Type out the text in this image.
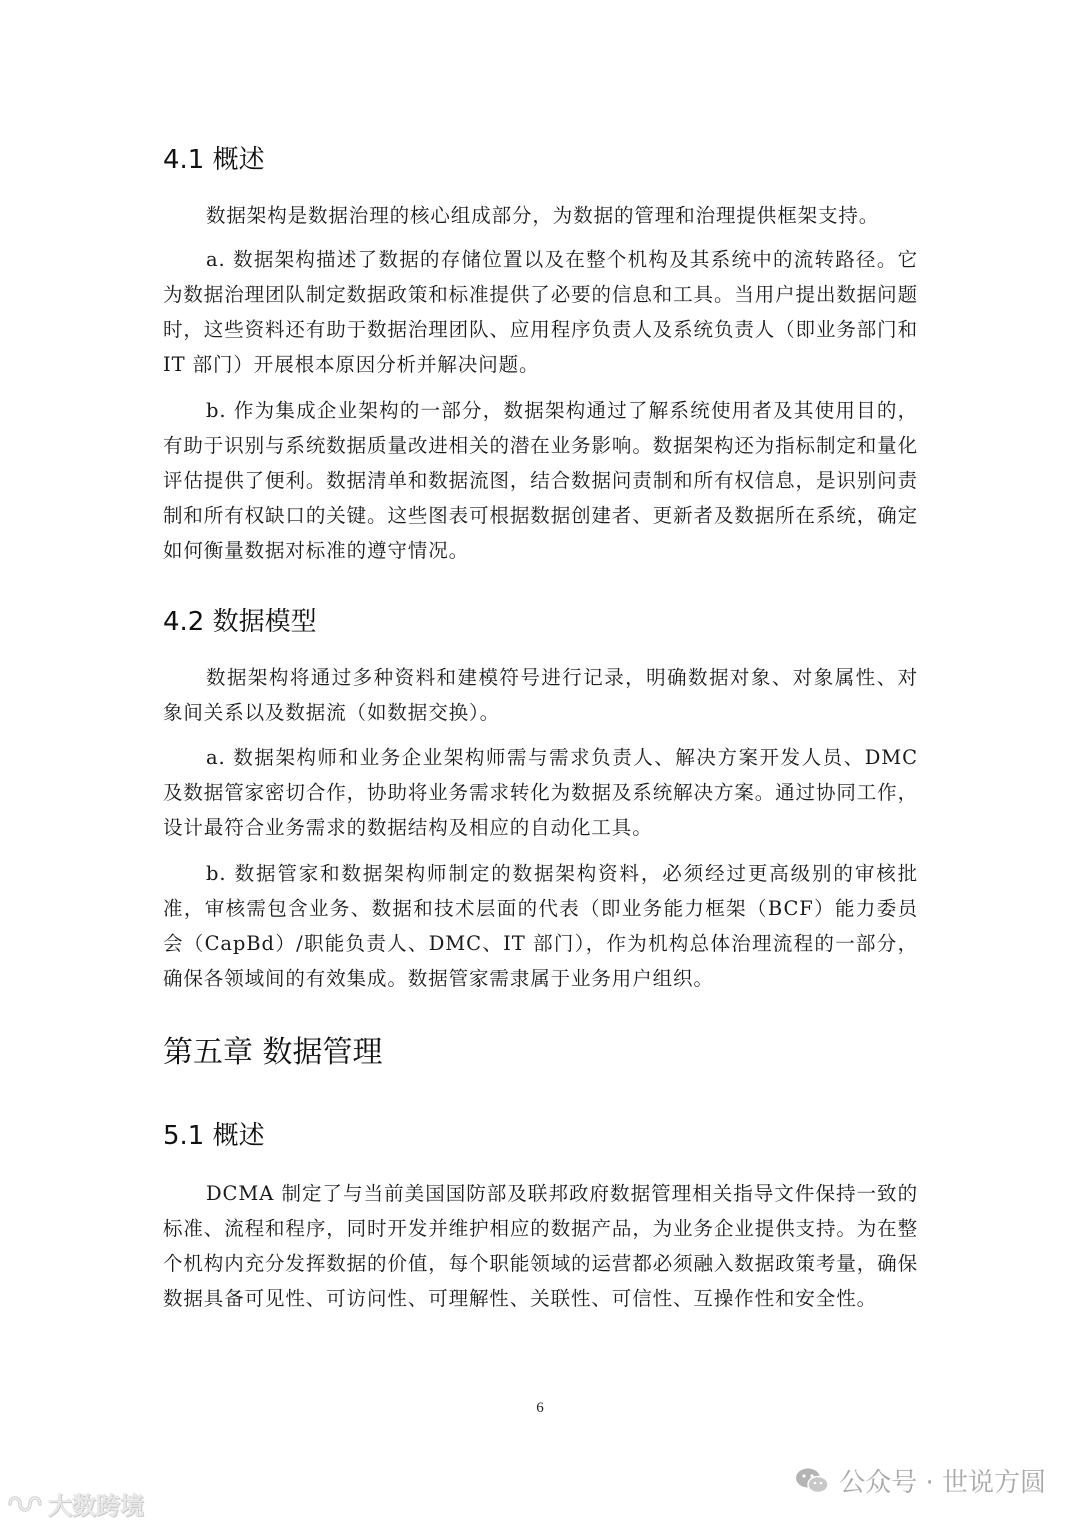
4.1 概述

数据架构是数据治理的核心组成部分，为数据的管理和治理提供框架支持。

a. 数据架构描述了数据的存储位置以及在整个机构及其系统中的流转路径。它为数据治理团队制定数据政策和标准提供了必要的信息和工具。当用户提出数据问题时，这些资料还有助于数据治理团队、应用程序负责人及系统负责人（即业务部门和 IT 部门）开展根本原因分析并解决问题。

b. 作为集成企业架构的一部分，数据架构通过了解系统使用者及其使用目的，有助于识别与系统数据质量改进相关的潜在业务影响。数据架构还为指标制定和量化评估提供了便利。数据清单和数据流图，结合数据问责制和所有权信息，是识别问责制和所有权缺口的关键。这些图表可根据数据创建者、更新者及数据所在系统，确定如何衡量数据对标准的遵守情况。

4.2 数据模型

数据架构将通过多种资料和建模符号进行记录，明确数据对象、对象属性、对象间关系以及数据流（如数据交换）。

a. 数据架构师和业务企业架构师需与需求负责人、解决方案开发人员、DMC 及数据管家密切合作，协助将业务需求转化为数据及系统解决方案。通过协同工作，设计最符合业务需求的数据结构及相应的自动化工具。

b. 数据管家和数据架构师制定的数据架构资料，必须经过更高级别的审核批准，审核需包含业务、数据和技术层面的代表（即业务能力框架（BCF）能力委员会（CapBd）/职能负责人、DMC、IT 部门），作为机构总体治理流程的一部分，确保各领域间的有效集成。数据管家需隶属于业务用户组织。

第五章 数据管理
5.1 概述

DCMA 制定了与当前美国国防部及联邦政府数据管理相关指导文件保持一致的标准、流程和程序，同时开发并维护相应的数据产品，为业务企业提供支持。为在整个机构内充分发挥数据的价值，每个职能领域的运营都必须融入数据政策考量，确保数据具备可见性、可访问性、可理解性、关联性、可信性、互操作性和安全性。

6
公众号 · 世说方圆
大数跨境
